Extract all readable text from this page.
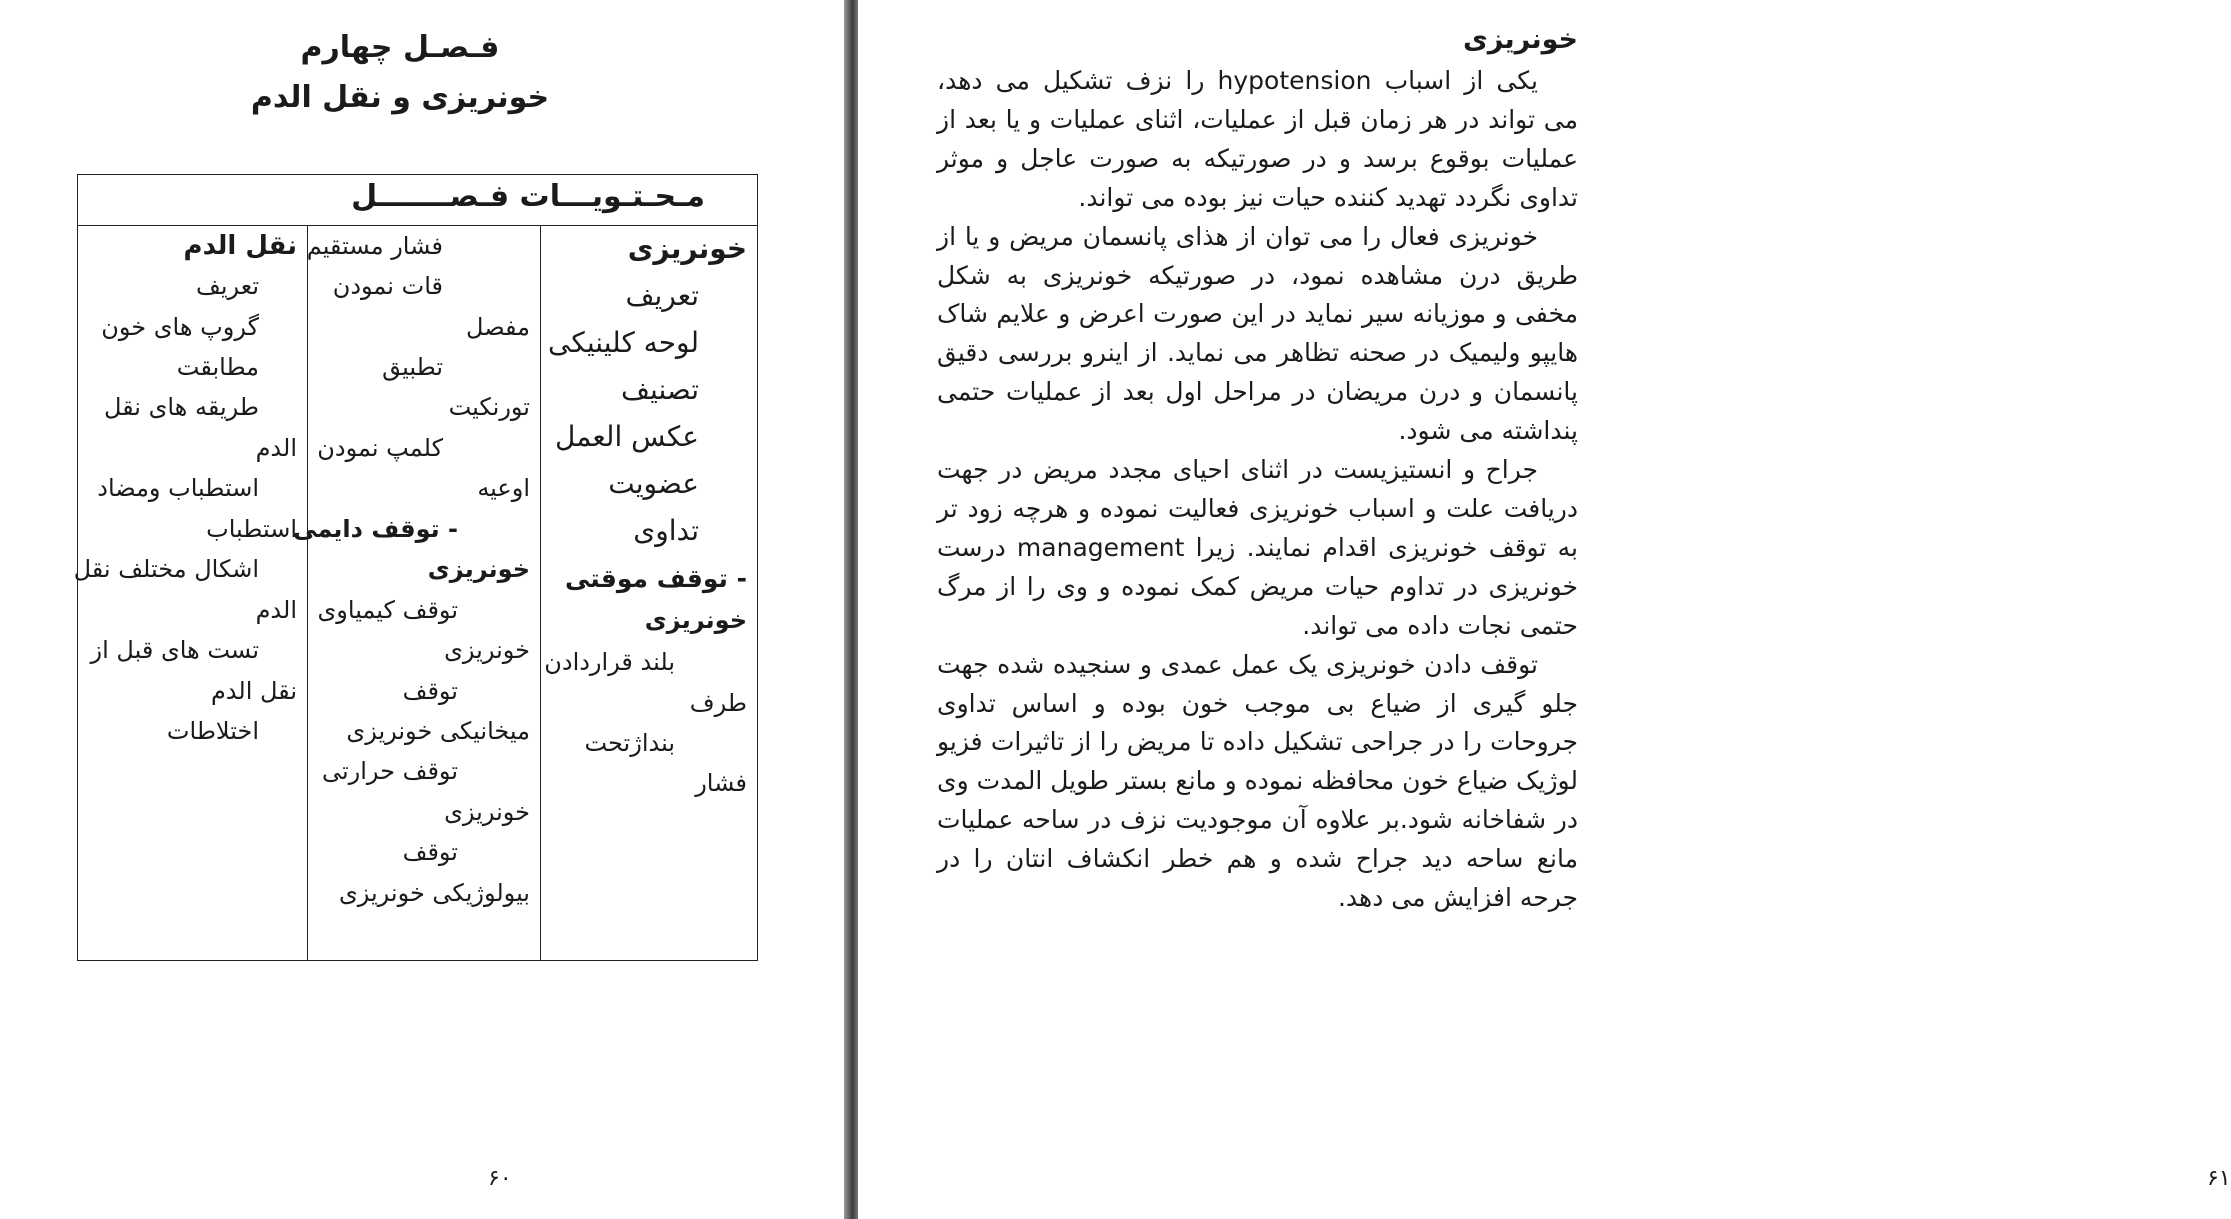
فـصـل چهارم
خونریزی و نقل الدم
مـحـتـویـــات فـصـــــــل
خونریزی
تعریف
لوحه کلینیکی
تصنیف
عکس العمل
عضویت
تداوی
- توقف موقتی
خونریزی
بلند قراردادن
طرف
بنداژتحت
فشار
فشار مستقیم
قات نمودن
مفصل
تطبیق
تورنکیت
کلمپ نمودن
اوعیه
- توقف دایمی
خونریزی
توقف کیمیاوی
خونریزی
توقف
میخانیکی خونریزی
توقف حرارتی
خونریزی
توقف
بیولوژیکی خونریزی
نقل الدم
تعریف
گروپ های خون
مطابقت
طریقه های نقل
الدم
استطباب ومضاد
استطباب
اشکال مختلف نقل
الدم
تست های قبل از
نقل الدم
اختلاطات
۶۰
خونریزی

یکی از اسباب hypotension را نزف تشکیل می دهد، می تواند در هر زمان قبل از عملیات، اثنای عملیات و یا بعد از عملیات بوقوع برسد و در صورتیکه به صورت عاجل و موثر تداوی نگردد تهدید کننده حیات نیز بوده می تواند.

خونریزی فعال را می توان از هذای پانسمان مریض و یا از طریق درن مشاهده نمود، در صورتیکه خونریزی به شکل مخفی و موزیانه سیر نماید در این صورت اعرض و علایم شاک هایپو ولیمیک در صحنه تظاهر می نماید. از اینرو بررسی دقیق پانسمان و درن مریضان در مراحل اول بعد از عملیات حتمی پنداشته می شود.

جراح و انستیزیست در اثنای احیای مجدد مریض در جهت دریافت علت و اسباب خونریزی فعالیت نموده و هرچه زود تر به توقف خونریزی اقدام نمایند. زیرا management درست خونریزی در تداوم حیات مریض کمک نموده و وی را از مرگ حتمی نجات داده می تواند.

توقف دادن خونریزی یک عمل عمدی و سنجیده شده جهت جلو گیری از ضیاع بی موجب خون بوده و اساس تداوی جروحات را در جراحی تشکیل داده تا مریض را از تاثیرات فزیو لوژیک ضیاع خون محافظه نموده و مانع بستر طویل المدت وی در شفاخانه شود.بر علاوه آن موجودیت نزف در ساحه عملیات مانع ساحه دید جراح شده و هم خطر انکشاف انتان را در جرحه افزایش می دهد.

۶۱
